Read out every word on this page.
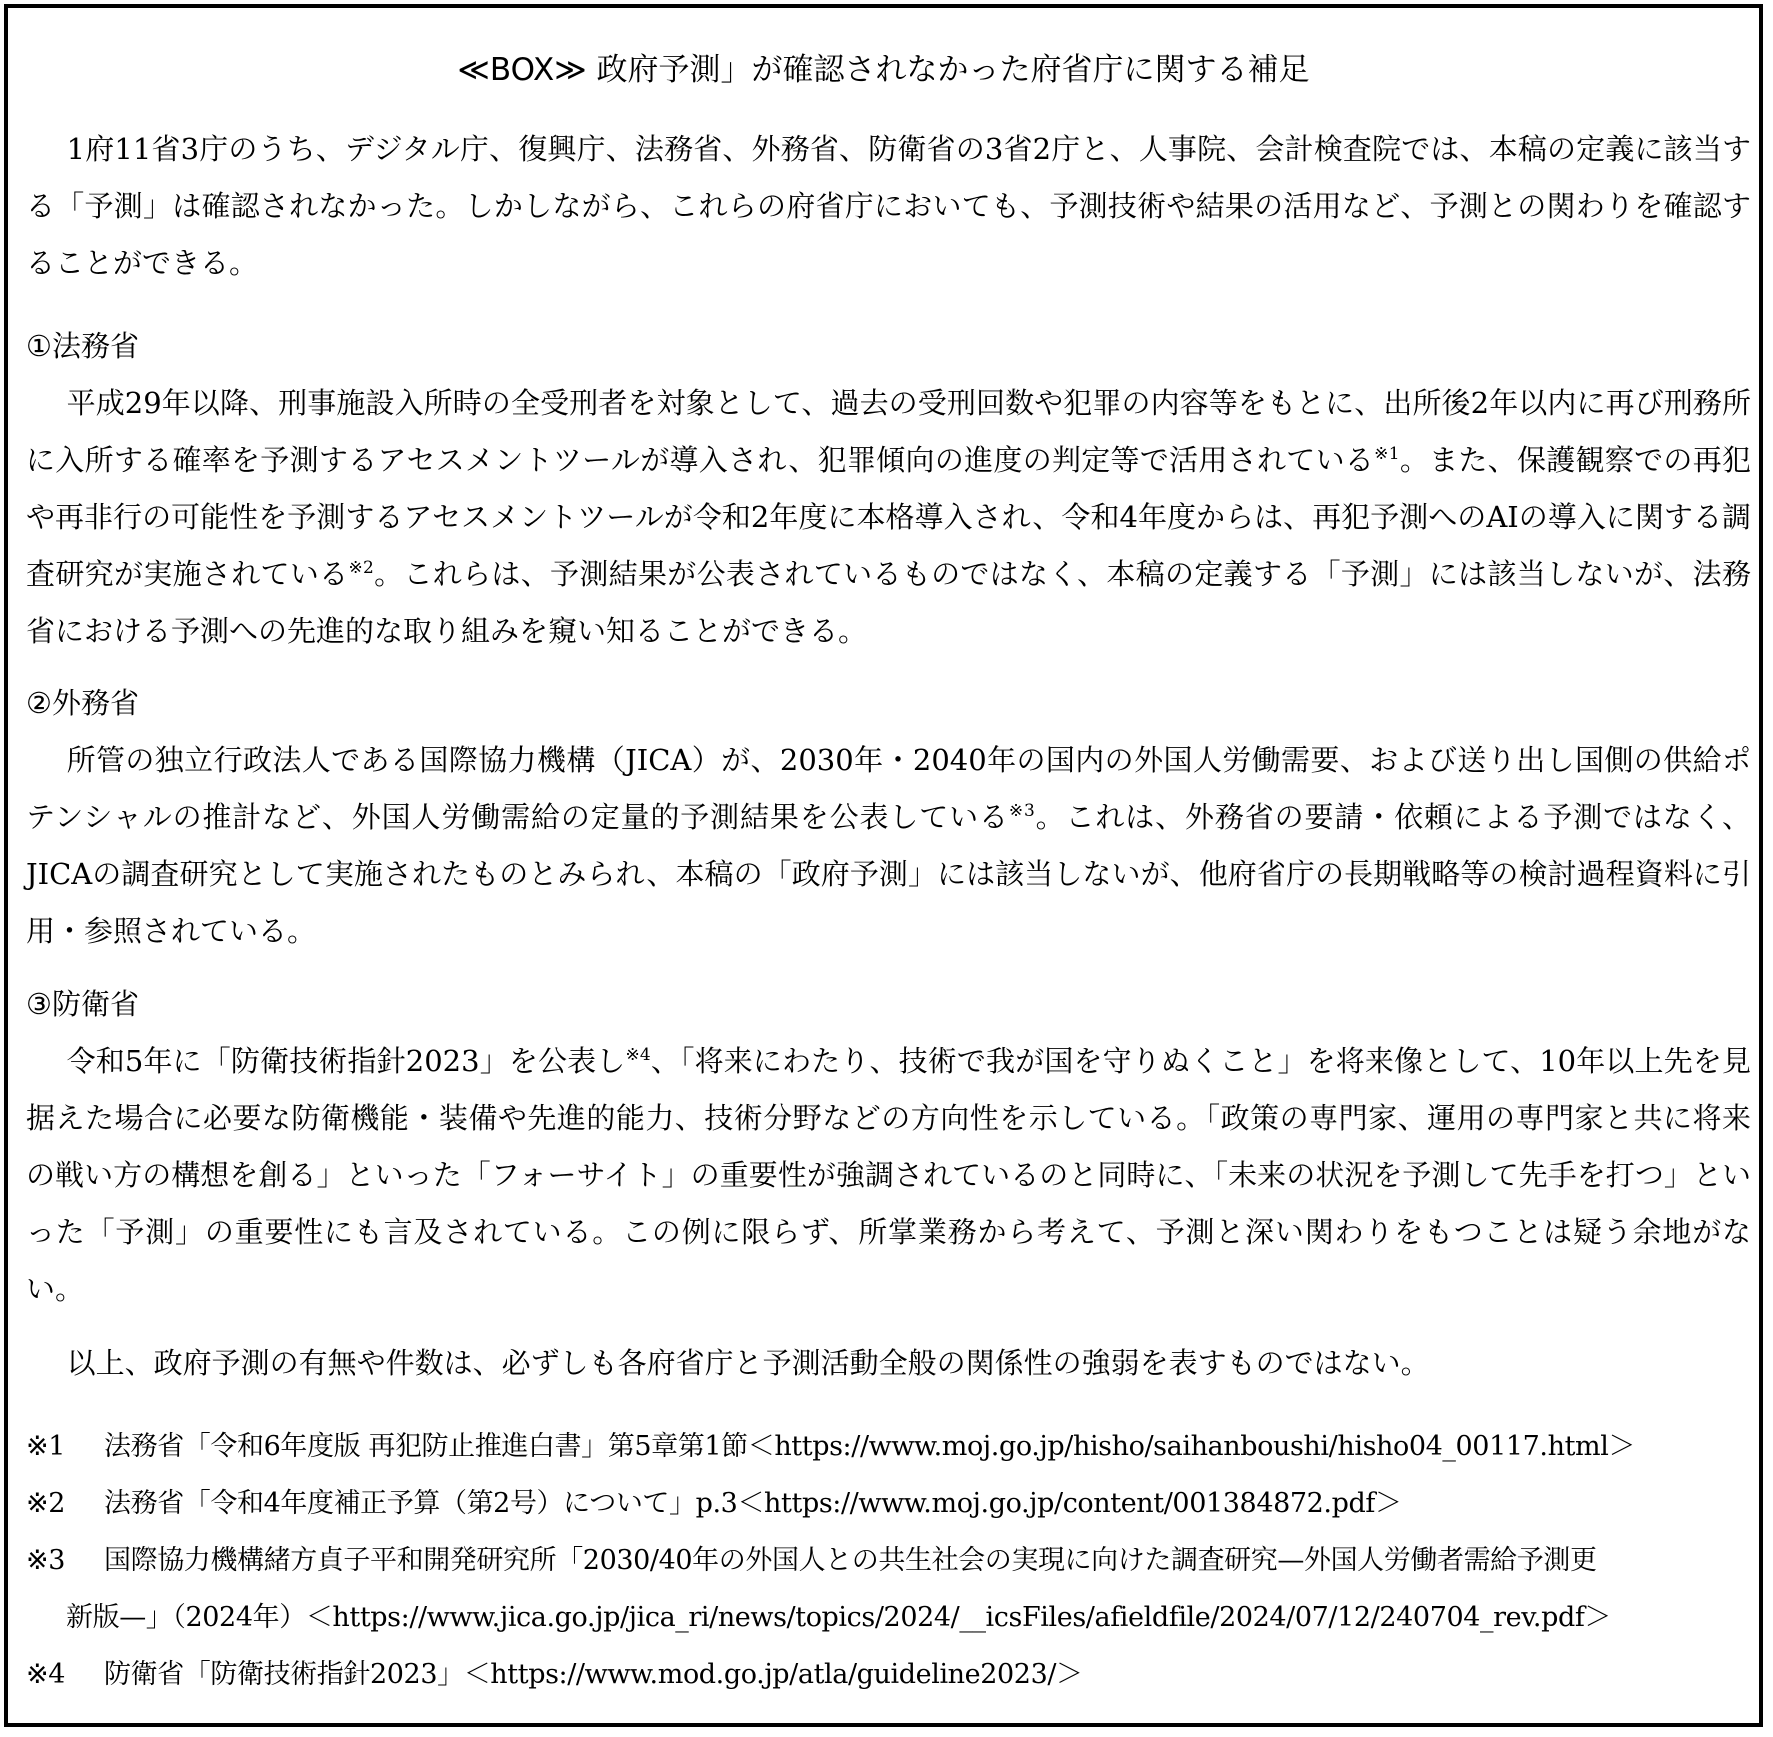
≪BOX≫ 政府予測」が確認されなかった府省庁に関する補足

1府11省3庁のうち、デジタル庁、復興庁、法務省、外務省、防衛省の3省2庁と、人事院、会計検査院では、本稿の定義に該当する「予測」は確認されなかった。しかしながら、これらの府省庁においても、予測技術や結果の活用など、予測との関わりを確認することができる。

①法務省

平成29年以降、刑事施設入所時の全受刑者を対象として、過去の受刑回数や犯罪の内容等をもとに、出所後2年以内に再び刑務所に入所する確率を予測するアセスメントツールが導入され、犯罪傾向の進度の判定等で活用されている$^{※1}$。また、保護観察での再犯や再非行の可能性を予測するアセスメントツールが令和2年度に本格導入され、令和4年度からは、再犯予測へのAIの導入に関する調査研究が実施されている$^{※2}$。これらは、予測結果が公表されているものではなく、本稿の定義する「予測」には該当しないが、法務省における予測への先進的な取り組みを窺い知ることができる。

②外務省

所管の独立行政法人である国際協力機構（JICA）が、2030年・2040年の国内の外国人労働需要、および送り出し国側の供給ポテンシャルの推計など、外国人労働需給の定量的予測結果を公表している$^{※3}$。これは、外務省の要請・依頼による予測ではなく、JICAの調査研究として実施されたものとみられ、本稿の「政府予測」には該当しないが、他府省庁の長期戦略等の検討過程資料に引用・参照されている。

③防衛省

令和5年に「防衛技術指針2023」を公表し$^{※4}$、「将来にわたり、技術で我が国を守りぬくこと」を将来像として、10年以上先を見据えた場合に必要な防衛機能・装備や先進的能力、技術分野などの方向性を示している。「政策の専門家、運用の専門家と共に将来の戦い方の構想を創る」といった「フォーサイト」の重要性が強調されているのと同時に、「未来の状況を予測して先手を打つ」といった「予測」の重要性にも言及されている。この例に限らず、所掌業務から考えて、予測と深い関わりをもつことは疑う余地がない。

以上、政府予測の有無や件数は、必ずしも各府省庁と予測活動全般の関係性の強弱を表すものではない。

※1 法務省「令和6年度版 再犯防止推進白書」第5章第1節＜https://www.moj.go.jp/hisho/saihanboushi/hisho04_00117.html＞

※2 法務省「令和4年度補正予算（第2号）について」p.3＜https://www.moj.go.jp/content/001384872.pdf＞

※3 国際協力機構緒方貞子平和開発研究所「2030/40年の外国人との共生社会の実現に向けた調査研究—外国人労働者需給予測更

新版—」（2024年）＜https://www.jica.go.jp/jica_ri/news/topics/2024/__icsFiles/afieldfile/2024/07/12/240704_rev.pdf＞

※4 防衛省「防衛技術指針2023」＜https://www.mod.go.jp/atla/guideline2023/＞
